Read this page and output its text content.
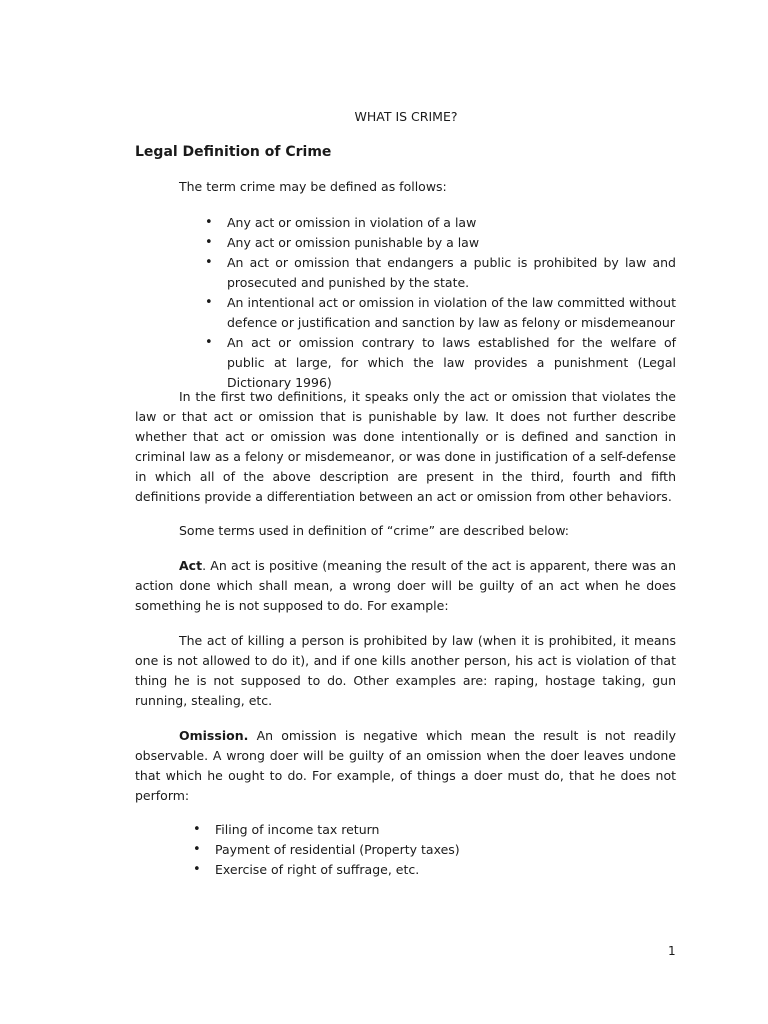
WHAT IS CRIME?
Legal Definition of Crime

The term crime may be defined as follows:

• Any act or omission in violation of a law
• Any act or omission punishable by a law
• An act or omission that endangers a public is prohibited by law and prosecuted and punished by the state.
• An intentional act or omission in violation of the law committed without defence or justification and sanction by law as felony or misdemeanour
• An act or omission contrary to laws established for the welfare of public at large, for which the law provides a punishment (Legal Dictionary 1996)

In the first two definitions, it speaks only the act or omission that violates the law or that act or omission that is punishable by law. It does not further describe whether that act or omission was done intentionally or is defined and sanction in criminal law as a felony or misdemeanor, or was done in justification of a self-defense in which all of the above description are present in the third, fourth and fifth definitions provide a differentiation between an act or omission from other behaviors.

Some terms used in definition of “crime” are described below:

Act. An act is positive (meaning the result of the act is apparent, there was an action done which shall mean, a wrong doer will be guilty of an act when he does something he is not supposed to do. For example:

The act of killing a person is prohibited by law (when it is prohibited, it means one is not allowed to do it), and if one kills another person, his act is violation of that thing he is not supposed to do. Other examples are: raping, hostage taking, gun running, stealing, etc.

Omission. An omission is negative which mean the result is not readily observable. A wrong doer will be guilty of an omission when the doer leaves undone that which he ought to do. For example, of things a doer must do, that he does not perform:

• Filing of income tax return
• Payment of residential (Property taxes)
• Exercise of right of suffrage, etc.
1
